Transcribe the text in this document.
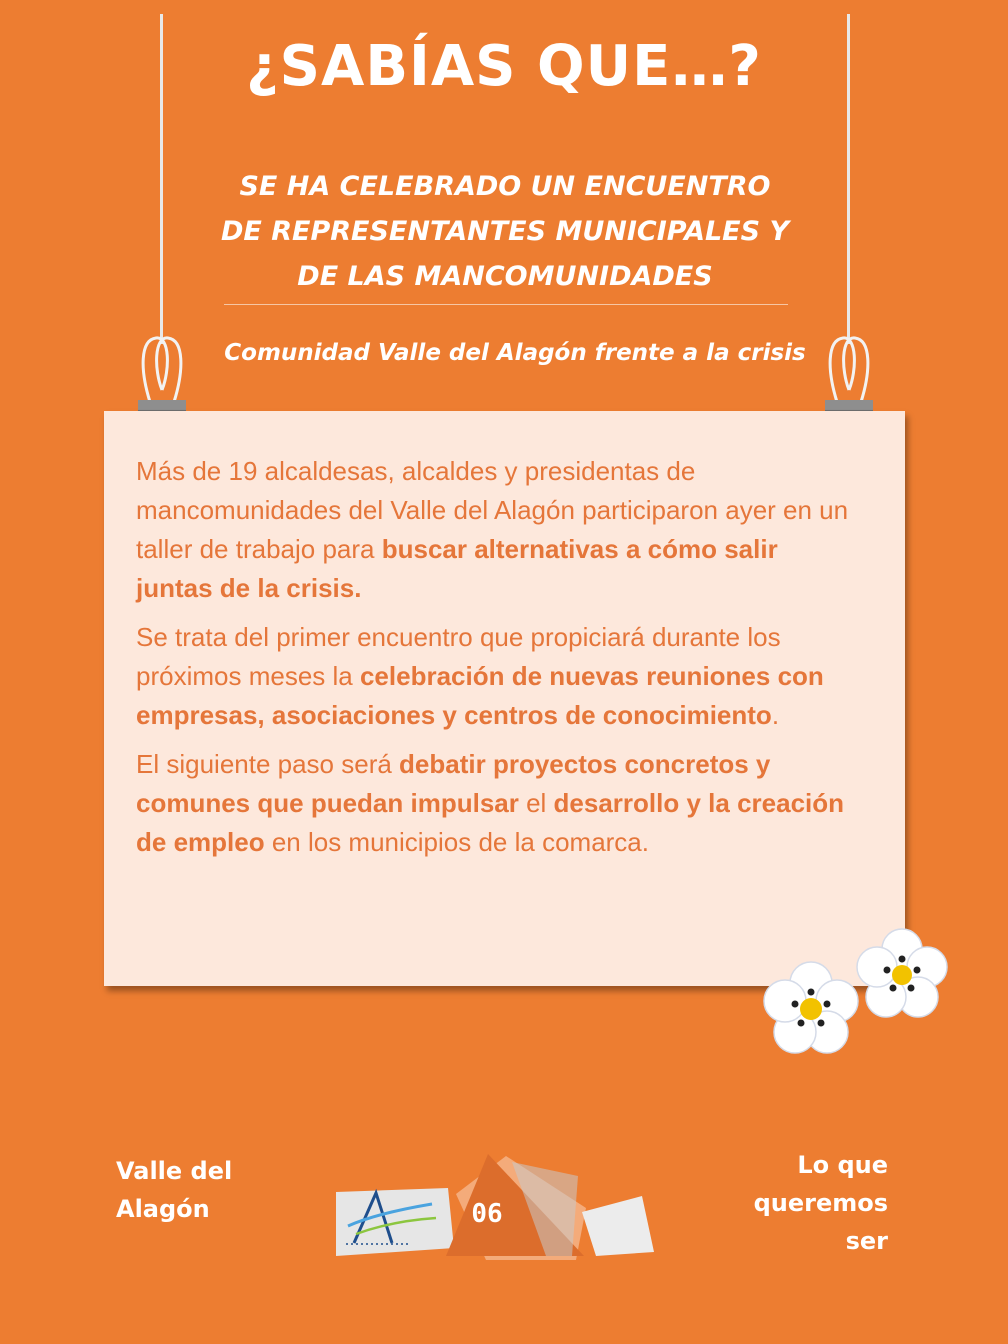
¿SABÍAS QUE…?
SE HA CELEBRADO UN ENCUENTRO
DE REPRESENTANTES MUNICIPALES Y
DE LAS MANCOMUNIDADES
Comunidad Valle del Alagón frente a la crisis

Más de 19 alcaldesas, alcaldes y presidentas de mancomunidades del Valle del Alagón participaron ayer en un taller de trabajo para buscar alternativas a cómo salir juntas de la crisis.

Se trata del primer encuentro que propiciará durante los próximos meses la celebración de nuevas reuniones con empresas, asociaciones y centros de conocimiento.

El siguiente paso será debatir proyectos concretos y comunes que puedan impulsar el desarrollo y la creación de empleo en los municipios de la comarca.

Valle del
Alagón	06
Lo que
queremos
ser
